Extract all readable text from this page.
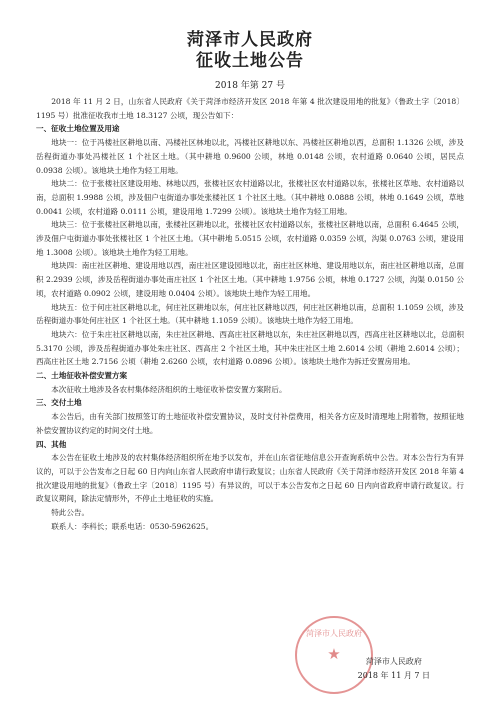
菏泽市人民政府
征收土地公告
2018 年第 27 号

2018 年 11 月 2 日，山东省人民政府《关于菏泽市经济开发区 2018 年第 4 批次建设用地的批复》（鲁政土字〔2018〕1195 号）批准征收我市土地 18.3127 公顷，现公告如下：

一、征收土地位置及用途

地块一：位于冯楼社区耕地以南、冯楼社区林地以北，冯楼社区耕地以东、冯楼社区耕地以西，总面积 1.1326 公顷，涉及岳程街道办事处冯楼社区 1 个社区土地。（其中耕地 0.9600 公顷，林地 0.0148 公顷，农村道路 0.0640 公顷，居民点 0.0938 公顷）。该地块土地作为轻工用地。

地块二：位于张楼社区建设用地、林地以西，张楼社区农村道路以北，张楼社区农村道路以东，张楼社区草地、农村道路以南，总面积 1.9988 公顷，涉及佃户屯街道办事处张楼社区 1 个社区土地。（其中耕地 0.0888 公顷，林地 0.1649 公顷，草地 0.0041 公顷，农村道路 0.0111 公顷，建设用地 1.7299 公顷）。该地块土地作为轻工用地。

地块三：位于张楼社区耕地以南，张楼社区耕地以北，张楼社区农村道路以东，张楼社区耕地以南，总面积 6.4645 公顷，涉及佃户屯街道办事处张楼社区 1 个社区土地。（其中耕地 5.0515 公顷，农村道路 0.0359 公顷，沟渠 0.0763 公顷，建设用地 1.3008 公顷）。该地块土地作为轻工用地。

地块四：南庄社区耕地、建设用地以西，南庄社区建设园地以北，南庄社区林地、建设用地以东，南庄社区耕地以南，总面积 2.2939 公顷，涉及岳程街道办事处南庄社区 1 个社区土地。（其中耕地 1.9756 公顷，林地 0.1727 公顷，沟渠 0.0150 公顷，农村道路 0.0902 公顷，建设用地 0.0404 公顷）。该地块土地作为轻工用地。

地块五：位于何庄社区耕地以北，何庄社区耕地以东，何庄社区耕地以西，何庄社区耕地以南，总面积 1.1059 公顷，涉及岳程街道办事处何庄社区 1 个社区土地。（其中耕地 1.1059 公顷）。该地块土地作为轻工用地。

地块六：位于朱庄社区耕地以南，朱庄社区耕地、西高庄社区耕地以东，朱庄社区耕地以西，西高庄社区耕地以北，总面积 5.3170 公顷，涉及岳程街道办事处朱庄社区、西高庄 2 个社区土地，其中朱庄社区土地 2.6014 公顷（耕地 2.6014 公顷）；西高庄社区土地 2.7156 公顷（耕地 2.6260 公顷，农村道路 0.0896 公顷）。该地块土地作为拆迁安置房用地。

二、土地征收补偿安置方案

本次征收土地涉及各农村集体经济组织的土地征收补偿安置方案附后。

三、交付土地

本公告后，由有关部门按照签订的土地征收补偿安置协议，及时支付补偿费用，相关各方应及时清理地上附着物，按照征地补偿安置协议约定的时间交付土地。

四、其他

本公告在征收土地涉及的农村集体经济组织所在地予以发布，并在山东省征地信息公开查询系统中公告。对本公告行为有异议的，可以于公告发布之日起 60 日内向山东省人民政府申请行政复议；山东省人民政府《关于菏泽市经济开发区 2018 年第 4 批次建设用地的批复》（鲁政土字〔2018〕1195 号）有异议的，可以于本公告发布之日起 60 日内向省政府申请行政复议。行政复议期间，除法定情形外，不停止土地征收的实施。

特此公告。

联系人：李科长；联系电话：0530-5962625。

菏泽市人民政府
★	菏泽市人民政府
2018 年 11 月 7 日
